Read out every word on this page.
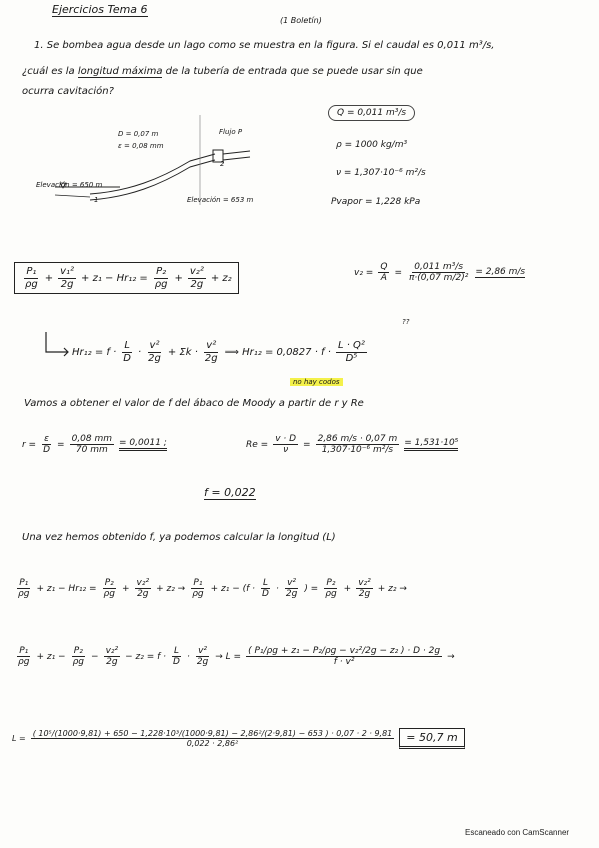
Ejercicios Tema 6
(1 Boletín)
1. Se bombea agua desde un lago como se muestra en la figura. Si el caudal es 0,011 m³/s,
¿cuál es la longitud máxima de la tubería de entrada que se puede usar sin que
ocurra cavitación?
D = 0,07 m
ε = 0,08 mm
Flujo P
Elevación = 650 m
Elevación = 653 m
1
2
Q = 0,011 m³/s
ρ = 1000 kg/m³
ν = 1,307·10⁻⁶ m²/s
Pvapor = 1,228 kPa
$\frac{\text{P₁}}{\rho g} + \frac{\text{v₁²}}{2g} + z_1 - Hr_{12} = \frac{\text{P₂}}{\rho g} + \frac{\text{v₂²}}{2g} + z_2$	$v_2 = \frac{Q}{A} = \frac{\text{0,011 m³/s}}{\text{π·(0,07 m/2)²}} = 2,86$ m/s
$Hr_{12} = f \cdot \frac{L}{D} \cdot \frac{\text{v²}}{2g} + \Sigma k \cdot \frac{\text{v²}}{2g}$ ⟹ $Hr_{12} = 0,0827 \cdot f \cdot \frac{\text{L · Q²}}{\text{D⁵}}$
??
no hay codos
Vamos a obtener el valor de f del ábaco de Moody a partir de r y Re
$r = \frac{\varepsilon}{D} = \frac{0,08 mm}{70 mm} = 0,0011$ ;	$Re = \frac{v \cdot D}{\nu} = \frac{2,86 m/s \cdot 0,07 m}{\text{1,307·10⁻⁶ m²/s}} = 1,531\cdot 10^5$
f = 0,022
Una vez hemos obtenido f, ya podemos calcular la longitud (L)
$\frac{\text{P₁}}{\rho g} + z_1 - Hr_{12} = \frac{\text{P₂}}{\rho g} + \frac{\text{v₂²}}{2g} + z_2 \to \frac{\text{P₁}}{\rho g} + z_1 - (f \cdot \frac{L}{D} \cdot \frac{\text{v²}}{2g}$ ) = $\frac{\text{P₂}}{\rho g} + \frac{\text{v₂²}}{2g} + z_2$ →
$\frac{\text{P₁}}{\rho g} + z_1 - \frac{\text{P₂}}{\rho g} - \frac{\text{v₂²}}{2g} - z_2 = f \cdot \frac{L}{D} \cdot \frac{\text{v²}}{2g} \to L = \frac{\text{( P₁/ρg + z₁ − P₂/ρg − v₂²/2g − z₂ ) · D · 2g}}{\text{f · v²}}$ →
L =
( 10⁵/(1000·9,81) + 650 − 1,228·10³/(1000·9,81) − 2,86²/(2·9,81) − 653 ) · 0,07 · 2 · 9,81
0,022 · 2,86²	= 50,7 m
Escaneado con CamScanner
